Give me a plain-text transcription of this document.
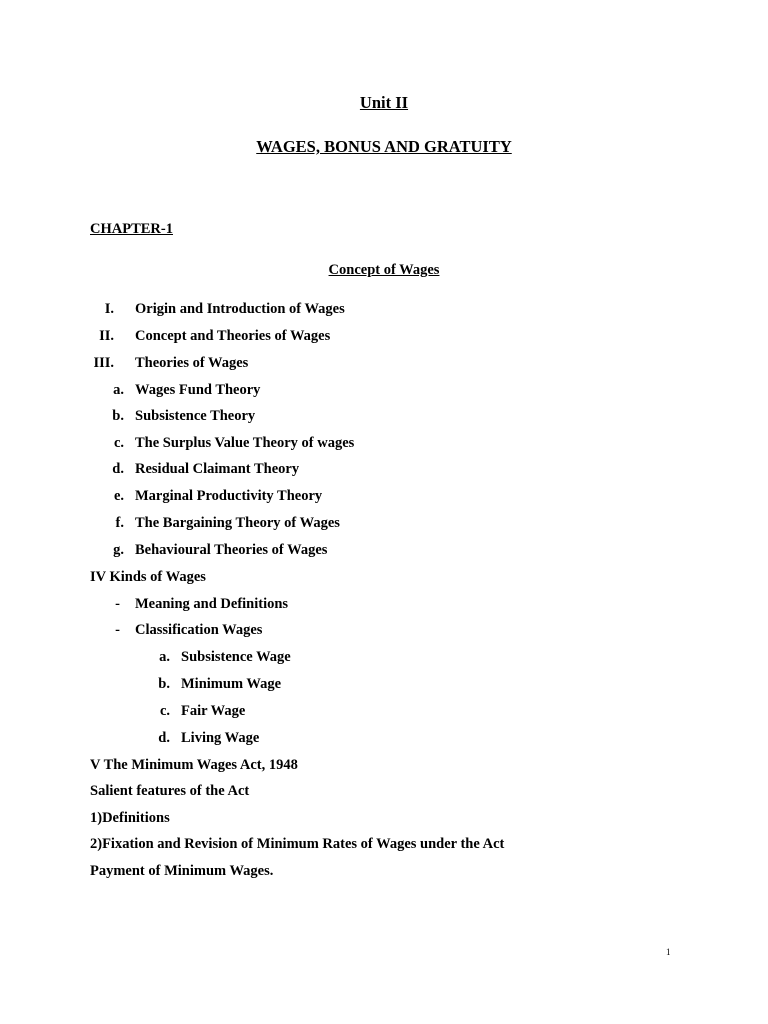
Unit II
WAGES, BONUS AND GRATUITY
CHAPTER-1
Concept of Wages
I. Origin and Introduction of Wages
II. Concept and Theories of Wages
III. Theories of Wages
a. Wages Fund Theory
b. Subsistence Theory
c. The Surplus Value Theory of wages
d. Residual Claimant Theory
e. Marginal Productivity Theory
f. The Bargaining Theory of Wages
g. Behavioural Theories of Wages
IV Kinds of Wages
- Meaning and Definitions
- Classification Wages
a. Subsistence Wage
b. Minimum Wage
c. Fair Wage
d. Living Wage
V The Minimum Wages Act, 1948
Salient features of the Act
1)Definitions
2)Fixation and Revision of Minimum Rates of Wages under the Act
Payment of Minimum Wages.
1
